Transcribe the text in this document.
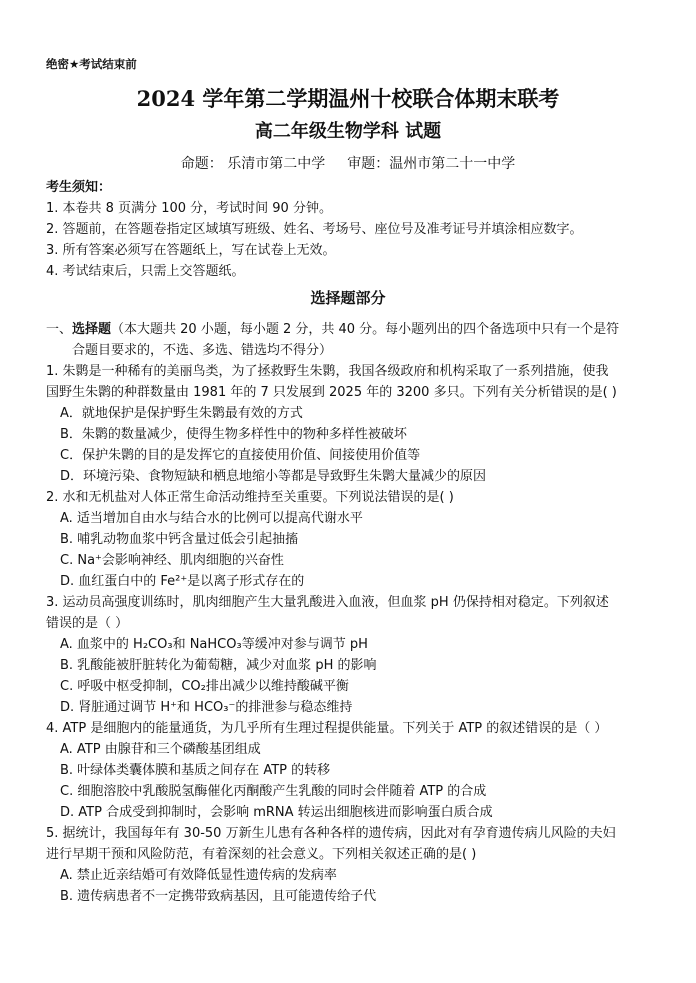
绝密★考试结束前
2024 学年第二学期温州十校联合体期末联考
高二年级生物学科 试题
命题： 乐清市第二中学 审题：温州市第二十一中学
考生须知：
1. 本卷共 8 页满分 100 分，考试时间 90 分钟。
2. 答题前，在答题卷指定区域填写班级、姓名、考场号、座位号及准考证号并填涂相应数字。
3. 所有答案必须写在答题纸上，写在试卷上无效。
4. 考试结束后，只需上交答题纸。
选择题部分
一、选择题（本大题共 20 小题，每小题 2 分，共 40 分。每小题列出的四个备选项中只有一个是符
合题目要求的，不选、多选、错选均不得分）
1. 朱鹮是一种稀有的美丽鸟类，为了拯救野生朱鹮，我国各级政府和机构采取了一系列措施，使我
国野生朱鹮的种群数量由 1981 年的 7 只发展到 2025 年的 3200 多只。下列有关分析错误的是( )
A．就地保护是保护野生朱鹮最有效的方式
B．朱鹮的数量减少，使得生物多样性中的物种多样性被破坏
C．保护朱鹮的目的是发挥它的直接使用价值、间接使用价值等
D．环境污染、食物短缺和栖息地缩小等都是导致野生朱鹮大量减少的原因
2. 水和无机盐对人体正常生命活动维持至关重要。下列说法错误的是( )
A. 适当增加自由水与结合水的比例可以提高代谢水平
B. 哺乳动物血浆中钙含量过低会引起抽搐
C. Na⁺会影响神经、肌肉细胞的兴奋性
D. 血红蛋白中的 Fe²⁺是以离子形式存在的
3. 运动员高强度训练时，肌肉细胞产生大量乳酸进入血液，但血浆 pH 仍保持相对稳定。下列叙述
错误的是（ ）
A. 血浆中的 H₂CO₃和 NaHCO₃等缓冲对参与调节 pH
B. 乳酸能被肝脏转化为葡萄糖，减少对血浆 pH 的影响
C. 呼吸中枢受抑制，CO₂排出减少以维持酸碱平衡
D. 肾脏通过调节 H⁺和 HCO₃⁻的排泄参与稳态维持
4. ATP 是细胞内的能量通货，为几乎所有生理过程提供能量。下列关于 ATP 的叙述错误的是（ ）
A. ATP 由腺苷和三个磷酸基团组成
B. 叶绿体类囊体膜和基质之间存在 ATP 的转移
C. 细胞溶胶中乳酸脱氢酶催化丙酮酸产生乳酸的同时会伴随着 ATP 的合成
D. ATP 合成受到抑制时，会影响 mRNA 转运出细胞核进而影响蛋白质合成
5. 据统计，我国每年有 30-50 万新生儿患有各种各样的遗传病，因此对有孕育遗传病儿风险的夫妇
进行早期干预和风险防范，有着深刻的社会意义。下列相关叙述正确的是( )
A. 禁止近亲结婚可有效降低显性遗传病的发病率
B. 遗传病患者不一定携带致病基因，且可能遗传给子代
